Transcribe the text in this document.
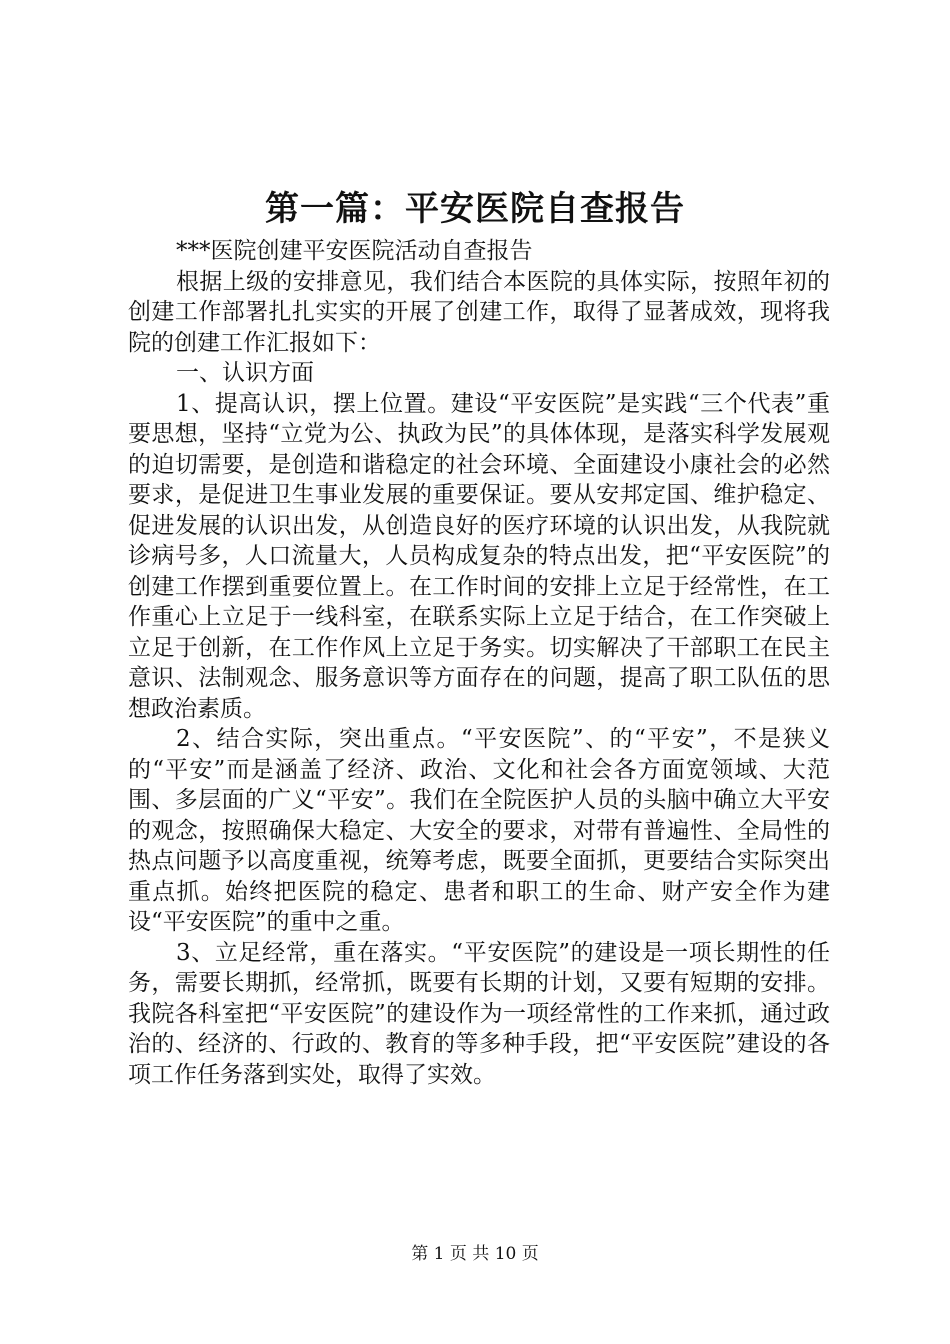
第一篇：平安医院自查报告

***医院创建平安医院活动自查报告

根据上级的安排意见，我们结合本医院的具体实际，按照年初的创建工作部署扎扎实实的开展了创建工作，取得了显著成效，现将我院的创建工作汇报如下：

一、认识方面

1、提高认识，摆上位置。建设“平安医院”是实践“三个代表”重要思想，坚持“立党为公、执政为民”的具体体现，是落实科学发展观的迫切需要，是创造和谐稳定的社会环境、全面建设小康社会的必然要求，是促进卫生事业发展的重要保证。要从安邦定国、维护稳定、促进发展的认识出发，从创造良好的医疗环境的认识出发，从我院就诊病号多，人口流量大，人员构成复杂的特点出发，把“平安医院”的创建工作摆到重要位置上。在工作时间的安排上立足于经常性，在工作重心上立足于一线科室，在联系实际上立足于结合，在工作突破上立足于创新，在工作作风上立足于务实。切实解决了干部职工在民主意识、法制观念、服务意识等方面存在的问题，提高了职工队伍的思想政治素质。

2、结合实际，突出重点。“平安医院”、的“平安”，不是狭义的“平安”而是涵盖了经济、政治、文化和社会各方面宽领域、大范围、多层面的广义“平安”。我们在全院医护人员的头脑中确立大平安的观念，按照确保大稳定、大安全的要求，对带有普遍性、全局性的热点问题予以高度重视，统筹考虑，既要全面抓，更要结合实际突出重点抓。始终把医院的稳定、患者和职工的生命、财产安全作为建设“平安医院”的重中之重。

3、立足经常，重在落实。“平安医院”的建设是一项长期性的任务，需要长期抓，经常抓，既要有长期的计划，又要有短期的安排。我院各科室把“平安医院”的建设作为一项经常性的工作来抓，通过政治的、经济的、行政的、教育的等多种手段，把“平安医院”建设的各项工作任务落到实处，取得了实效。

第 1 页 共 10 页
